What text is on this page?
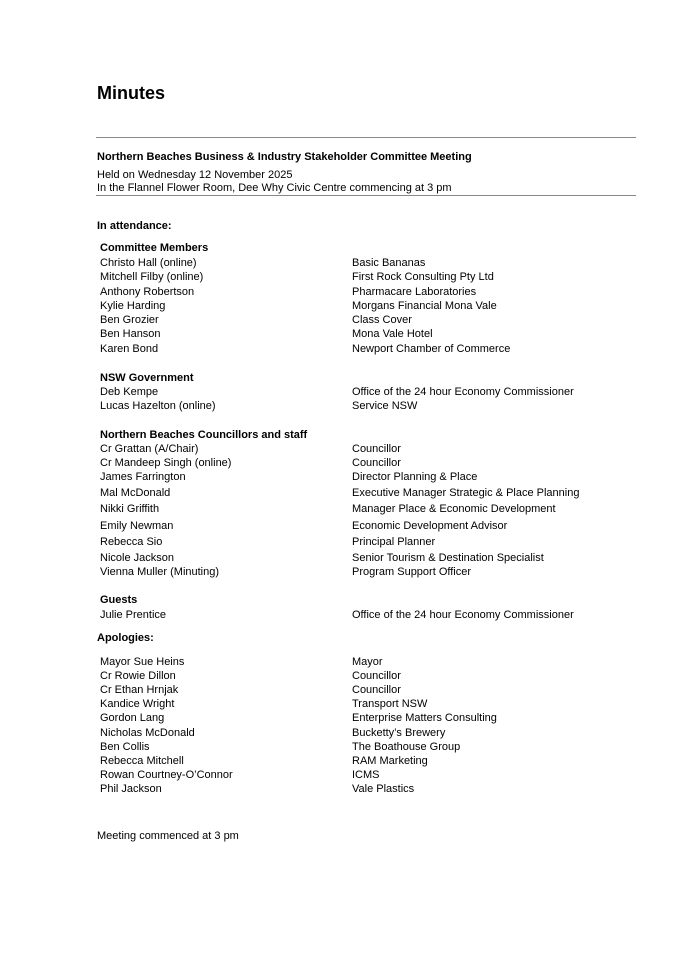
Minutes
Northern Beaches Business & Industry Stakeholder Committee Meeting
Held on Wednesday 12 November 2025
In the Flannel Flower Room, Dee Why Civic Centre commencing at 3 pm
In attendance:
Committee Members
Christo Hall (online)	Basic Bananas
Mitchell Filby (online)	First Rock Consulting Pty Ltd
Anthony Robertson	Pharmacare Laboratories
Kylie Harding	Morgans Financial Mona Vale
Ben Grozier	Class Cover
Ben Hanson	Mona Vale Hotel
Karen Bond	Newport Chamber of Commerce
NSW Government
Deb Kempe	Office of the 24 hour Economy Commissioner
Lucas Hazelton (online)	Service NSW
Northern Beaches Councillors and staff
Cr Grattan (A/Chair)	Councillor
Cr Mandeep Singh (online)	Councillor
James Farrington	Director Planning & Place
Mal McDonald	Executive Manager Strategic & Place Planning
Nikki Griffith	Manager Place & Economic Development
Emily Newman	Economic Development Advisor
Rebecca Sio	Principal Planner
Nicole Jackson	Senior Tourism & Destination Specialist
Vienna Muller (Minuting)	Program Support Officer
Guests
Julie Prentice	Office of the 24 hour Economy Commissioner
Apologies:
Mayor Sue Heins	Mayor
Cr Rowie Dillon	Councillor
Cr Ethan Hrnjak	Councillor
Kandice Wright	Transport NSW
Gordon Lang	Enterprise Matters Consulting
Nicholas McDonald	Bucketty’s Brewery
Ben Collis	The Boathouse Group
Rebecca Mitchell	RAM Marketing
Rowan Courtney-O’Connor	ICMS
Phil Jackson	Vale Plastics
Meeting commenced at 3 pm
